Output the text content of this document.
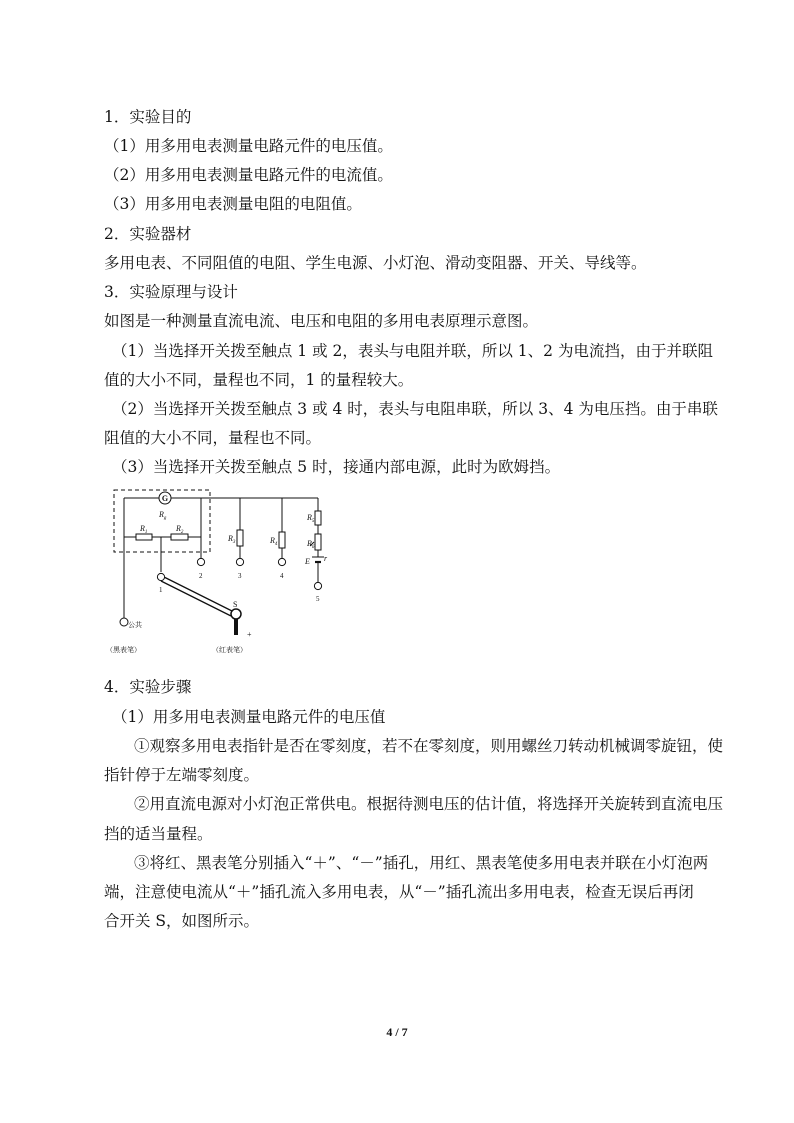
1．实验目的
（1）用多用电表测量电路元件的电压值。
（2）用多用电表测量电路元件的电流值。
（3）用多用电表测量电阻的电阻值。
2．实验器材
多用电表、不同阻值的电阻、学生电源、小灯泡、滑动变阻器、开关、导线等。
3．实验原理与设计
如图是一种测量直流电流、电压和电阻的多用电表原理示意图。
（1）当选择开关拨至触点 1 或 2，表头与电阻并联，所以 1、2 为电流挡，由于并联阻
值的大小不同，量程也不同，1 的量程较大。
（2）当选择开关拨至触点 3 或 4 时，表头与电阻串联，所以 3、4 为电压挡。由于串联
阻值的大小不同，量程也不同。
（3）当选择开关拨至触点 5 时，接通内部电源，此时为欧姆挡。
G
$R_g$
$R_1$	$R_2$
$R_3$	$R_4$
$R_5$
$R_6$
E r
1
2	3	4
5
S
公共
+
（黑表笔）	（红表笔）
4．实验步骤
（1）用多用电表测量电路元件的电压值
①观察多用电表指针是否在零刻度，若不在零刻度，则用螺丝刀转动机械调零旋钮，使
指针停于左端零刻度。
②用直流电源对小灯泡正常供电。根据待测电压的估计值，将选择开关旋转到直流电压
挡的适当量程。
③将红、黑表笔分别插入“＋”、“－”插孔，用红、黑表笔使多用电表并联在小灯泡两
端，注意使电流从“＋”插孔流入多用电表，从“－”插孔流出多用电表，检查无误后再闭
合开关 S，如图所示。
4 / 7
